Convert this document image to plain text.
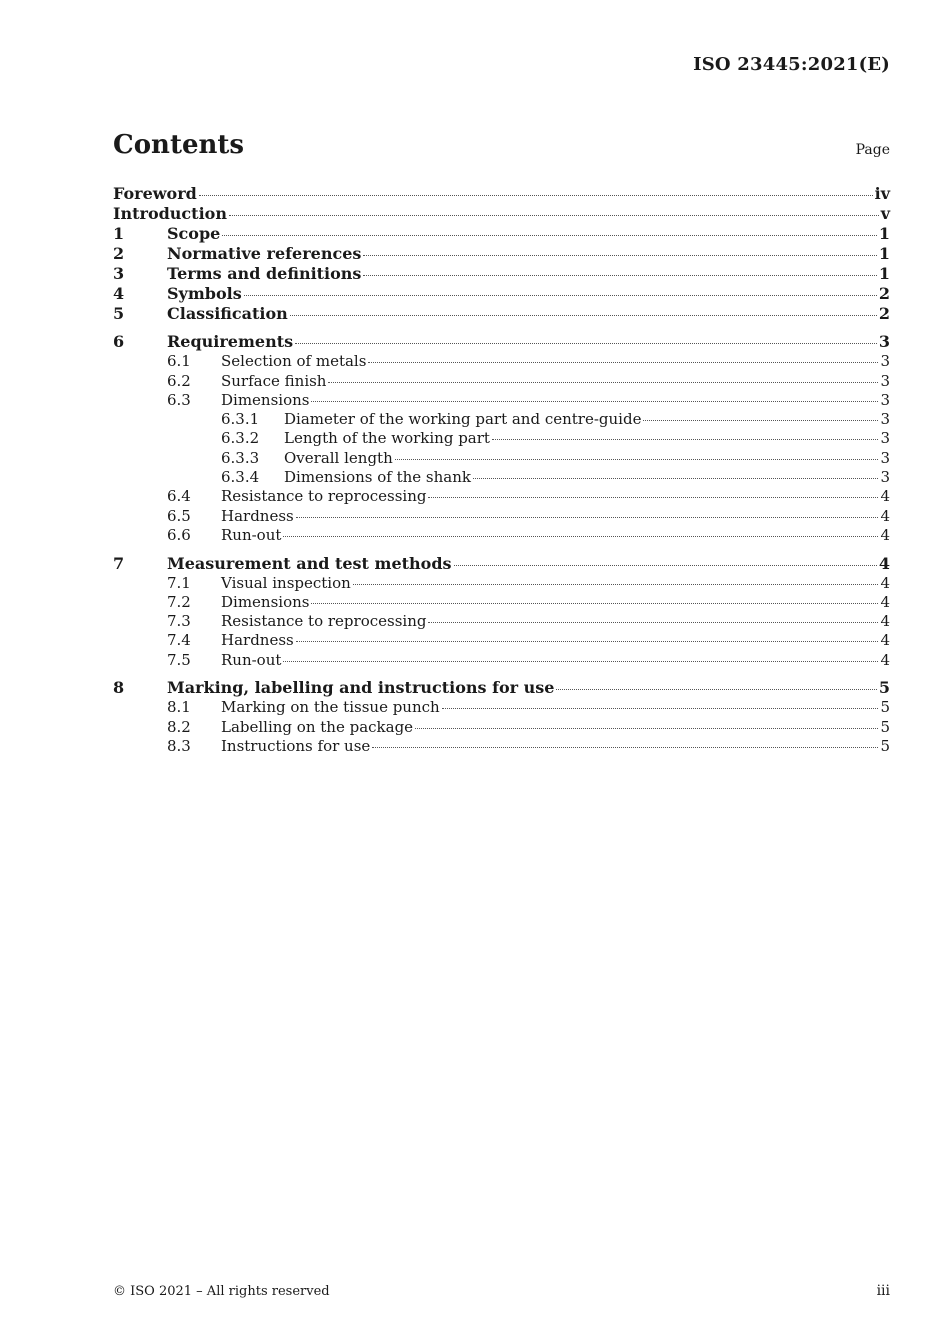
ISO 23445:2021(E)
Contents	Page
Foreword	iv
Introduction	v
1	Scope	1
2	Normative references	1
3	Terms and definitions	1
4	Symbols	2
5	Classification	2
6	Requirements	3
6.1	Selection of metals	3
6.2	Surface finish	3
6.3	Dimensions	3
6.3.1	Diameter of the working part and centre-guide	3
6.3.2	Length of the working part	3
6.3.3	Overall length	3
6.3.4	Dimensions of the shank	3
6.4	Resistance to reprocessing	4
6.5	Hardness	4
6.6	Run-out	4
7	Measurement and test methods	4
7.1	Visual inspection	4
7.2	Dimensions	4
7.3	Resistance to reprocessing	4
7.4	Hardness	4
7.5	Run-out	4
8	Marking, labelling and instructions for use	5
8.1	Marking on the tissue punch	5
8.2	Labelling on the package	5
8.3	Instructions for use	5
© ISO 2021 – All rights reserved	iii
